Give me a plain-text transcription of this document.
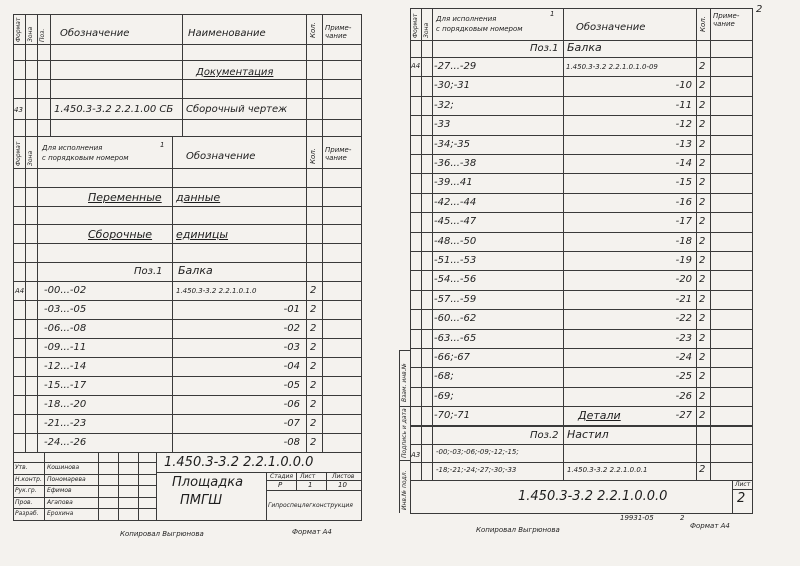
Формат Зона Поз. Обозначение	Наименование	Кол. Приме-
чание
Документация
43	1.450.3-3.2 2.2.1.00 СБ Сборочный чертеж
Формат Зона
Для исполнения	1
с порядковым номером	Обозначение	Кол. Приме-
чание
Переменные данные
Сборочные единицы
Поз.1 Балка
А4 -00...-02	1.450.3-3.2 2.2.1.0.1.0	2
-03...-05	-01 2
-06...-08	-02 2
-09...-11	-03 2
-12...-14	-04 2
-15...-17	-05 2
-18...-20	-06 2
-21...-23	-07 2
-24...-26	-08 2
1.450.3-3.2 2.2.1.0.0.0
Площадка
ПМГШ
Стадия Лист	Листов
Р	1	10
Гипроспецлегконструкция
Утв.	Кошинова
Н.контр. Пономарева
Рук.гр. Ефимов
Пров. Агапова
Разраб. Ерохина
Копировал Выгрюнова	Формат А4
2
Инв.№ подл.
Подпись и дата
Взам. инв.№
Формат Зона
Для исполнения
1
с порядковым номером	Обозначение	Кол.
Приме-
чание
Поз.1 Балка
А4 -27...-29	1.450.3-3.2 2.2.1.0.1.0-09	2
-30;-31	-10 2
-32;	-11 2
-33	-12 2
-34;-35	-13 2
-36...-38	-14 2
-39...41	-15 2
-42...-44	-16 2
-45...-47	-17 2
-48...-50	-18 2
-51...-53	-19 2
-54...-56	-20 2
-57...-59	-21 2
-60...-62	-22 2
-63...-65	-23 2
-66;-67	-24 2
-68;	-25 2
-69;	-26 2
-70;-71	-27 2
Детали
Поз.2 Настил
А3 -00;-03;-06;-09;-12;-15;
-18;-21;-24;-27;-30;-33	1.450.3-3.2 2.2.1.0.0.1	2
1.450.3-3.2 2.2.1.0.0.0
Лист
2
19931-05	2
Копировал Выгрюнова	Формат А4
